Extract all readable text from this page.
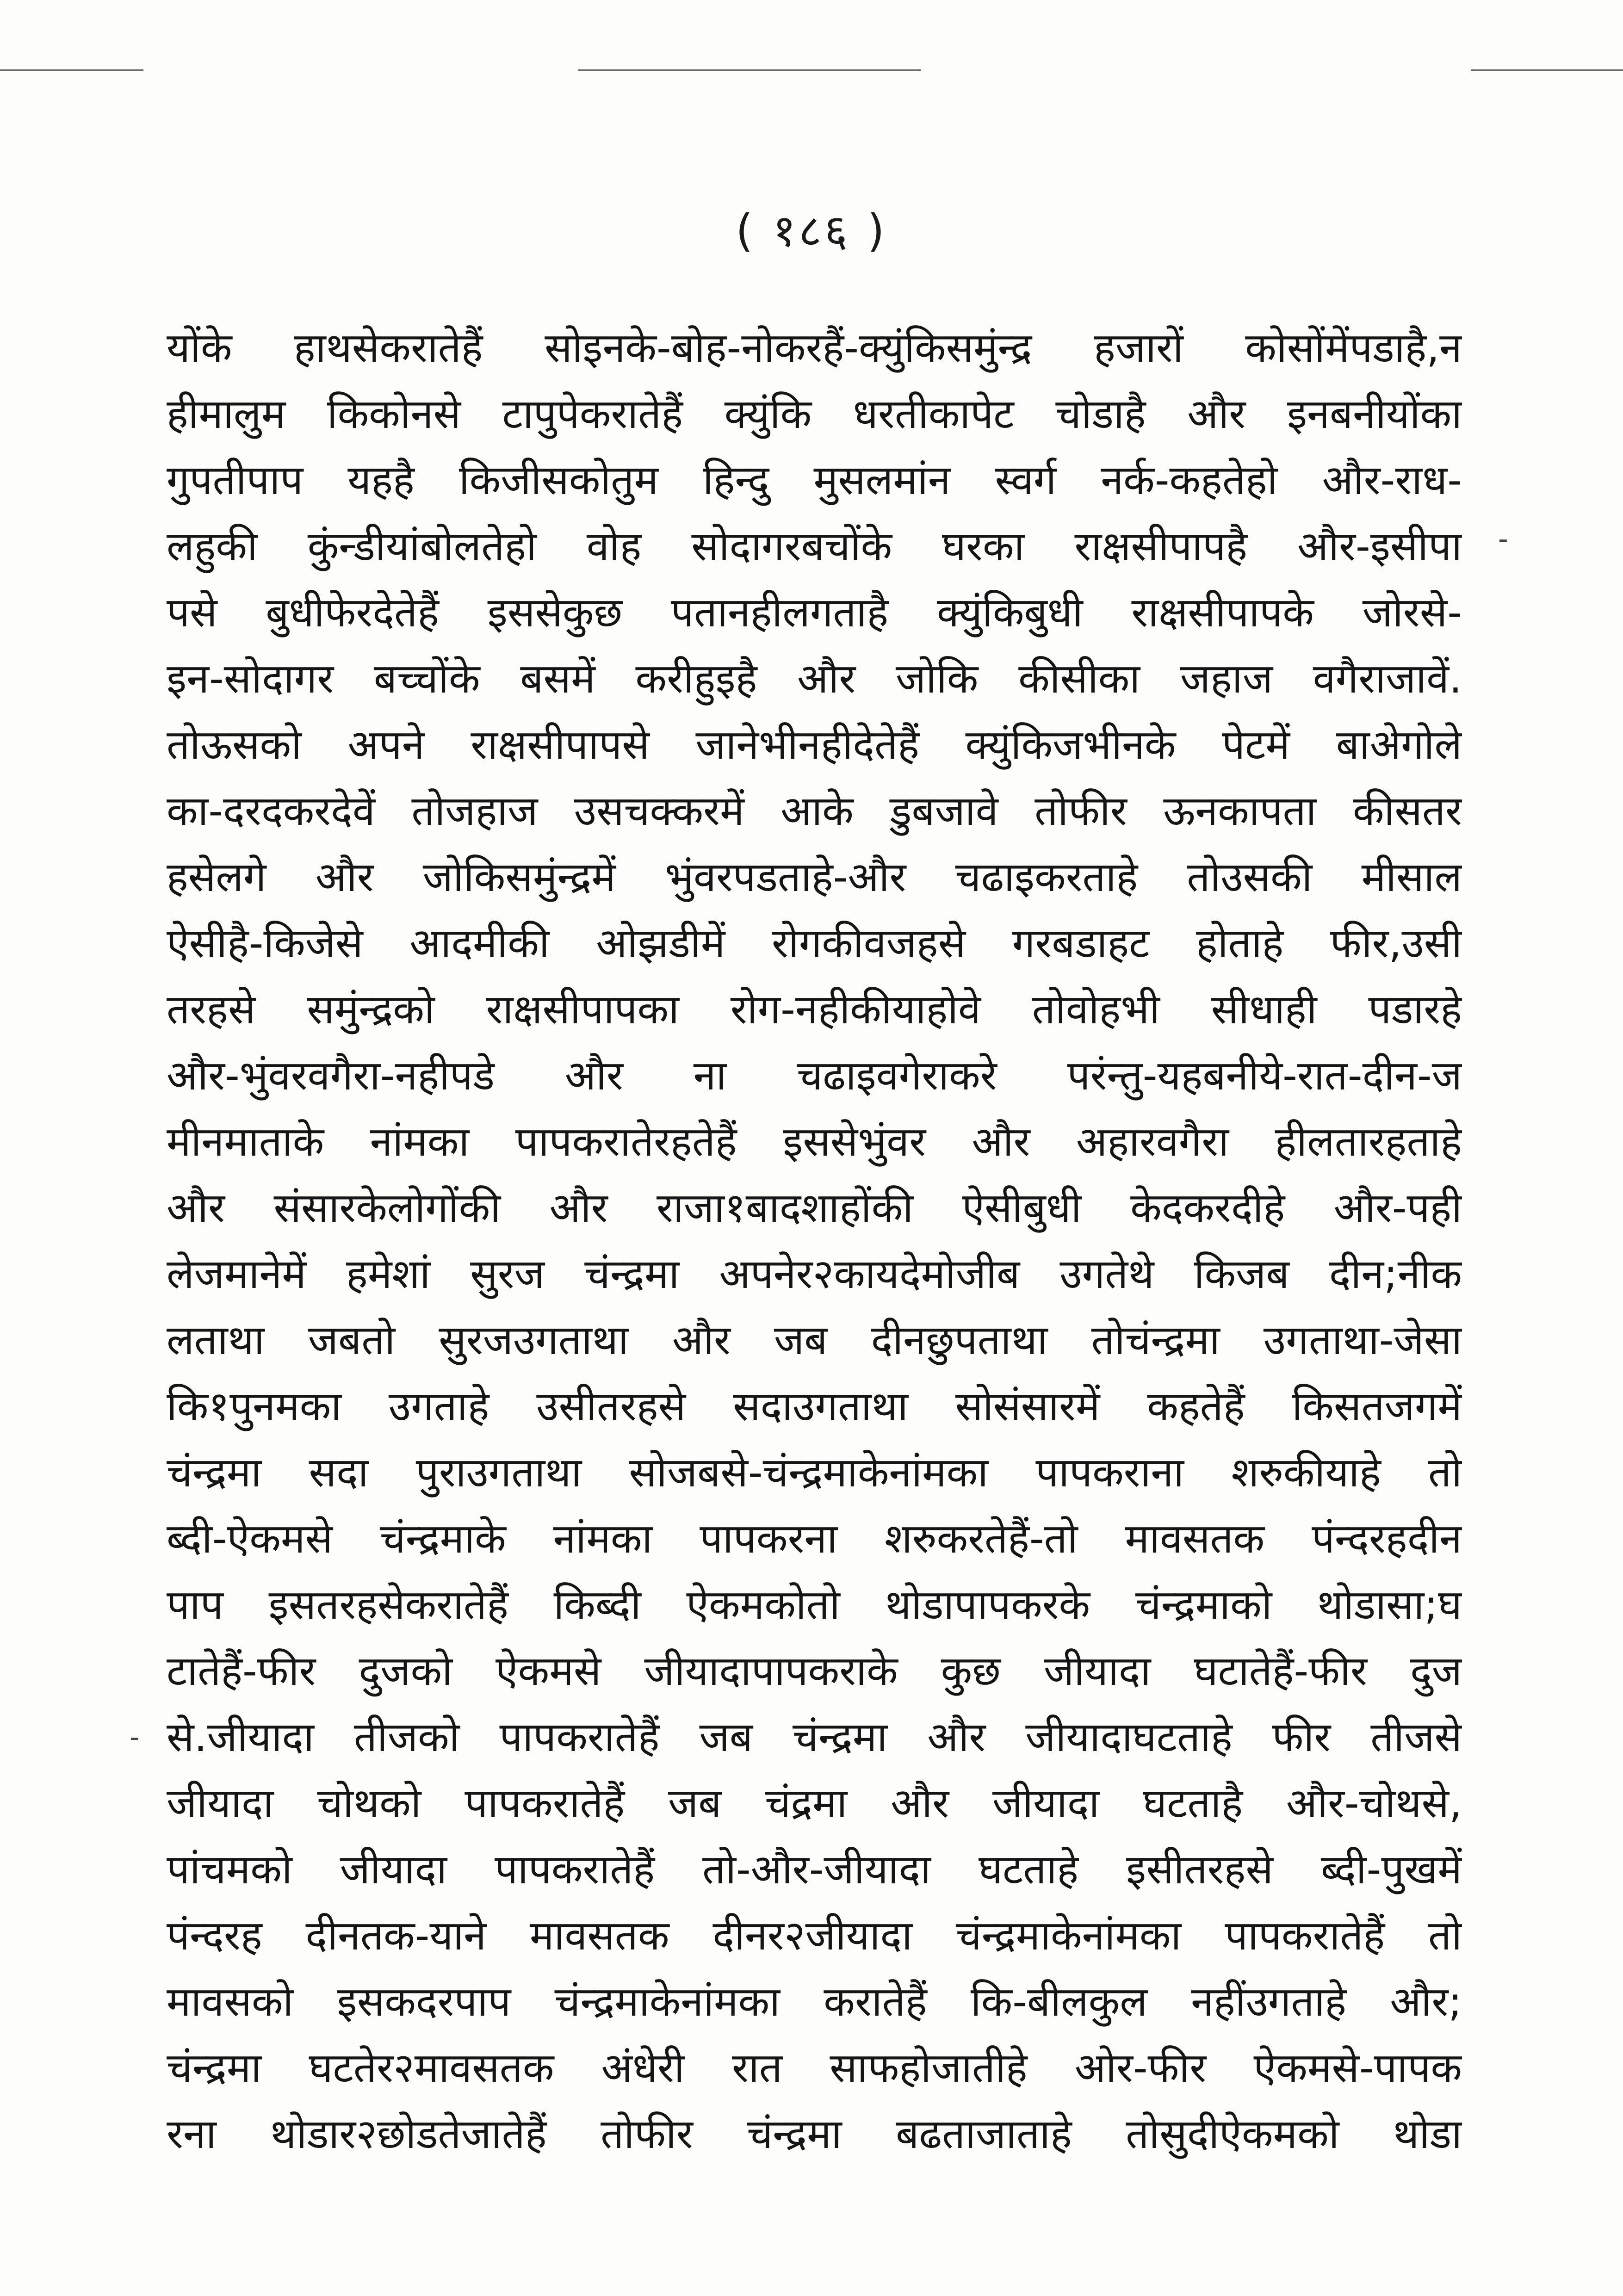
( १८६ )
योंके हाथसेकरातेहैं सोइनके-बोह-नोकरहैं-क्युंकिसमुंन्द्र हजारों कोसोंमेंपडाहै,न
हीमालुम किकोनसे टापुपेकरातेहैं क्युंकि धरतीकापेट चोडाहै और इनबनीयोंका
गुपतीपाप यहहै किजीसकोतुम हिन्दु मुसलमांन स्वर्ग नर्क-कहतेहो और-राध-
लहुकी कुंन्डीयांबोलतेहो वोह सोदागरबचोंके घरका राक्षसीपापहै और-इसीपा
पसे बुधीफेरदेतेहैं इससेकुछ पतानहीलगताहै क्युंकिबुधी राक्षसीपापके जोरसे-
इन-सोदागर बच्चोंके बसमें करीहुइहै और जोकि कीसीका जहाज वगैराजावें.
तोऊसको अपने राक्षसीपापसे जानेभीनहीदेतेहैं क्युंकिजभीनके पेटमें बाअेगोले
का-दरदकरदेवें तोजहाज उसचक्करमें आके डुबजावे तोफीर ऊनकापता कीसतर
हसेलगे और जोकिसमुंन्द्रमें भुंवरपडताहे-और चढाइकरताहे तोउसकी मीसाल
ऐसीहै-किजेसे आदमीकी ओझडीमें रोगकीवजहसे गरबडाहट होताहे फीर,उसी
तरहसे समुंन्द्रको राक्षसीपापका रोग-नहीकीयाहोवे तोवोहभी सीधाही पडारहे
और-भुंवरवगैरा-नहीपडे और ना चढाइवगेराकरे परंन्तु-यहबनीये-रात-दीन-ज
मीनमाताके नांमका पापकरातेरहतेहैं इससेभुंवर और अहारवगैरा हीलतारहताहे
और संसारकेलोगोंकी और राजा१बादशाहोंकी ऐसीबुधी केदकरदीहे और-पही
लेजमानेमें हमेशां सुरज चंन्द्रमा अपनेर२कायदेमोजीब उगतेथे किजब दीन;नीक
लताथा जबतो सुरजउगताथा और जब दीनछुपताथा तोचंन्द्रमा उगताथा-जेसा
कि१पुनमका उगताहे उसीतरहसे सदाउगताथा सोसंसारमें कहतेहैं किसतजगमें
चंन्द्रमा सदा पुराउगताथा सोजबसे-चंन्द्रमाकेनांमका पापकराना शरुकीयाहे तो
ब्दी-ऐकमसे चंन्द्रमाके नांमका पापकरना शरुकरतेहैं-तो मावसतक पंन्दरहदीन
पाप इसतरहसेकरातेहैं किब्दी ऐकमकोतो थोडापापकरके चंन्द्रमाको थोडासा;घ
टातेहैं-फीर दुजको ऐकमसे जीयादापापकराके कुछ जीयादा घटातेहैं-फीर दुज
से.जीयादा तीजको पापकरातेहैं जब चंन्द्रमा और जीयादाघटताहे फीर तीजसे
जीयादा चोथको पापकरातेहैं जब चंद्रमा और जीयादा घटताहै और-चोथसे,
पांचमको जीयादा पापकरातेहैं तो-और-जीयादा घटताहे इसीतरहसे ब्दी-पुखमें
पंन्दरह दीनतक-याने मावसतक दीनर२जीयादा चंन्द्रमाकेनांमका पापकरातेहैं तो
मावसको इसकदरपाप चंन्द्रमाकेनांमका करातेहैं कि-बीलकुल नहींउगताहे और;
चंन्द्रमा घटतेर२मावसतक अंधेरी रात साफहोजातीहे ओर-फीर ऐकमसे-पापक
रना थोडार२छोडतेजातेहैं तोफीर चंन्द्रमा बढताजाताहे तोसुदीऐकमको थोडा
-
-
